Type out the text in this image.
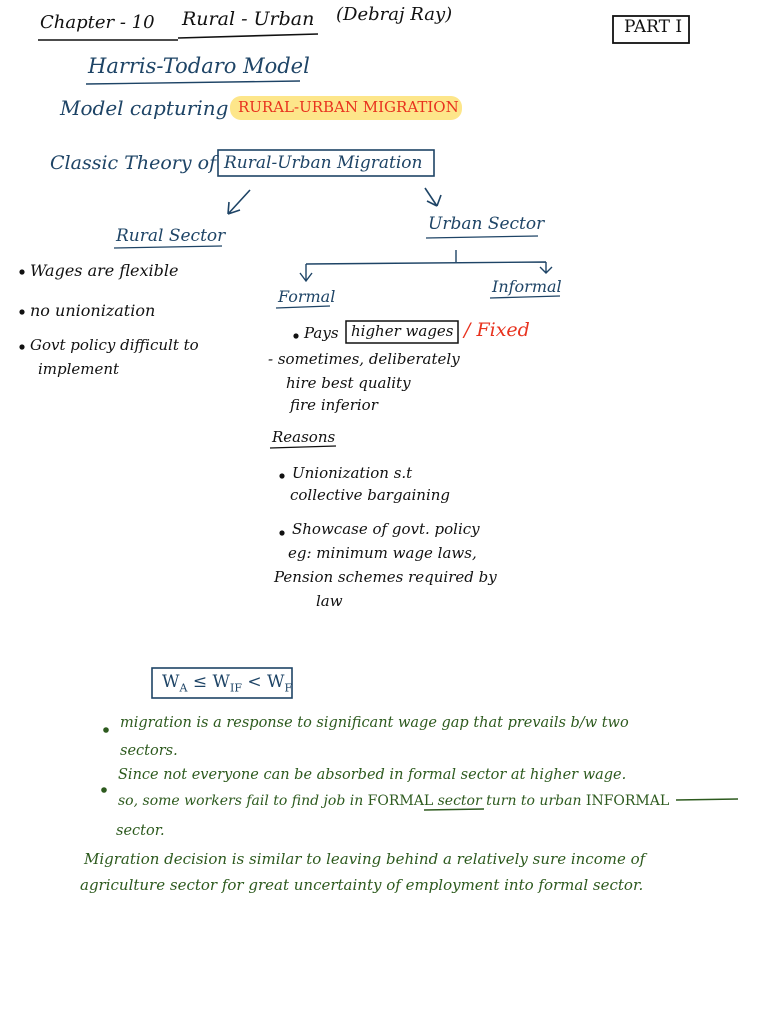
Chapter - 10 Rural - Urban (Debraj Ray)
PART I
Harris-Todaro Model
Model capturing RURAL-URBAN MIGRATION
Classic Theory of Rural-Urban Migration
Rural Sector
Wages are flexible
no unionization
Govt policy difficult to
implement
Urban Sector
Formal
Informal
Pays higher wages / Fixed
- sometimes, deliberately
hire best quality
fire inferior
Reasons
Unionization s.t
collective bargaining
Showcase of govt. policy
eg: minimum wage laws,
Pension schemes required by
law
$W_A \le W_{IF} < W_F$
migration is a response to significant wage gap that prevails b/w two
sectors.
Since not everyone can be absorbed in formal sector at higher wage.
so, some workers fail to find job in FORMAL sector turn to urban INFORMAL
sector.
Migration decision is similar to leaving behind a relatively sure income of
agriculture sector for great uncertainty of employment into formal sector.
